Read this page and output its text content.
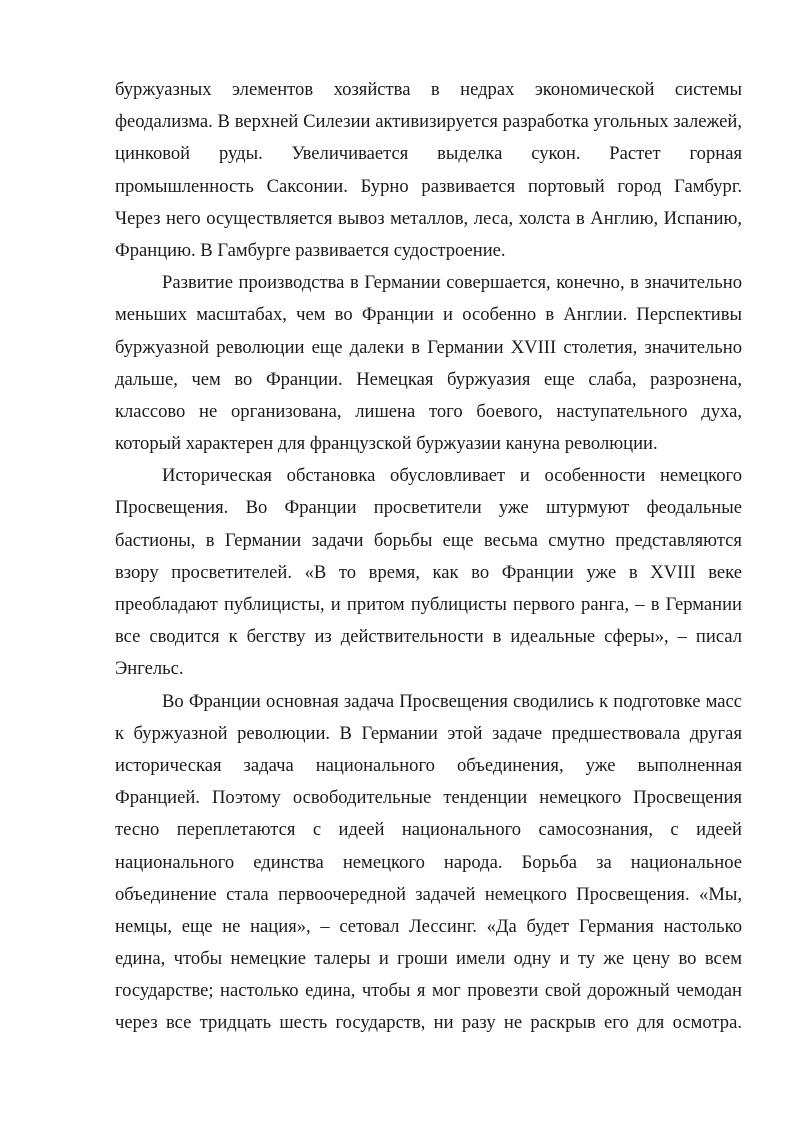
буржуазных элементов хозяйства в недрах экономической системы
феодализма. В верхней Силезии активизируется разработка угольных залежей,
цинковой руды. Увеличивается выделка сукон. Растет горная
промышленность Саксонии. Бурно развивается портовый город Гамбург.
Через него осуществляется вывоз металлов, леса, холста в Англию, Испанию,
Францию. В Гамбурге развивается судостроение.
Развитие производства в Германии совершается, конечно, в значительно
меньших масштабах, чем во Франции и особенно в Англии. Перспективы
буржуазной революции еще далеки в Германии XVIII столетия, значительно
дальше, чем во Франции. Немецкая буржуазия еще слаба, разрознена,
классово не организована, лишена того боевого, наступательного духа,
который характерен для французской буржуазии кануна революции.
Историческая обстановка обусловливает и особенности немецкого
Просвещения. Во Франции просветители уже штурмуют феодальные
бастионы, в Германии задачи борьбы еще весьма смутно представляются
взору просветителей. «В то время, как во Франции уже в XVIII веке
преобладают публицисты, и притом публицисты первого ранга, – в Германии
все сводится к бегству из действительности в идеальные сферы», – писал
Энгельс.
Во Франции основная задача Просвещения сводились к подготовке масс
к буржуазной революции. В Германии этой задаче предшествовала другая
историческая задача национального объединения, уже выполненная
Францией. Поэтому освободительные тенденции немецкого Просвещения
тесно переплетаются с идеей национального самосознания, с идеей
национального единства немецкого народа. Борьба за национальное
объединение стала первоочередной задачей немецкого Просвещения. «Мы,
немцы, еще не нация», – сетовал Лессинг. «Да будет Германия настолько
едина, чтобы немецкие талеры и гроши имели одну и ту же цену во всем
государстве; настолько едина, чтобы я мог провезти свой дорожный чемодан
через все тридцать шесть государств, ни разу не раскрыв его для осмотра.
